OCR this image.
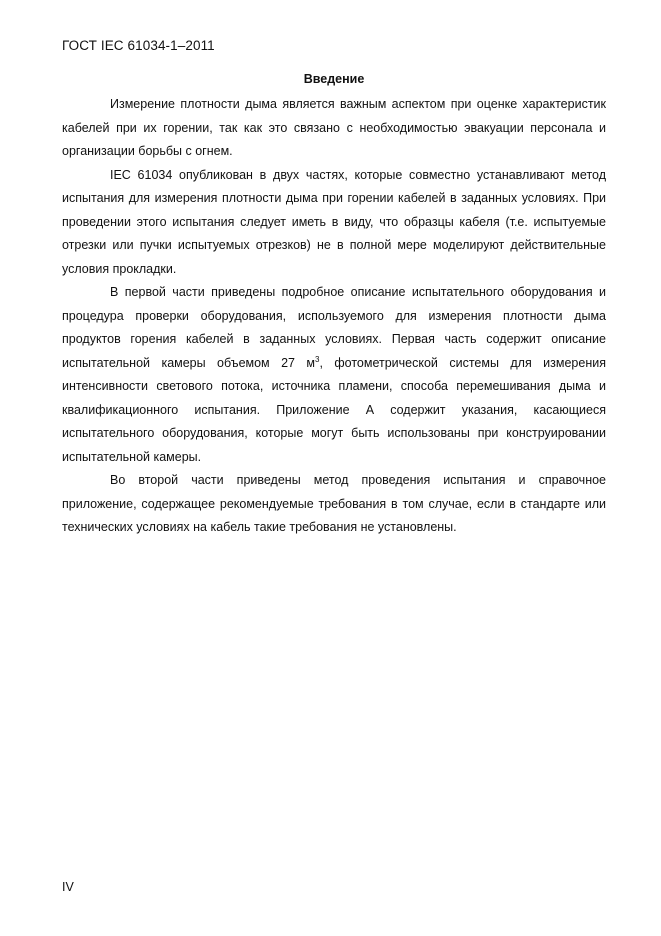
ГОСТ IEC 61034-1–2011
Введение

Измерение плотности дыма является важным аспектом при оценке характеристик кабелей при их горении, так как это связано с необходимостью эвакуации персонала и организации борьбы с огнем.

IEC 61034 опубликован в двух частях, которые совместно устанавливают метод испытания для измерения плотности дыма при горении кабелей в заданных условиях. При проведении этого испытания следует иметь в виду, что образцы кабеля (т.е. испытуемые отрезки или пучки испытуемых отрезков) не в полной мере моделируют действительные условия прокладки.

В первой части приведены подробное описание испытательного оборудования и процедура проверки оборудования, используемого для измерения плотности дыма продуктов горения кабелей в заданных условиях. Первая часть содержит описание испытательной камеры объемом 27 $м^3$, фотометрической системы для измерения интенсивности светового потока, источника пламени, способа перемешивания дыма и квалификационного испытания. Приложение А содержит указания, касающиеся испытательного оборудования, которые могут быть использованы при конструировании испытательной камеры.

Во второй части приведены метод проведения испытания и справочное приложение, содержащее рекомендуемые требования в том случае, если в стандарте или технических условиях на кабель такие требования не установлены.

IV
